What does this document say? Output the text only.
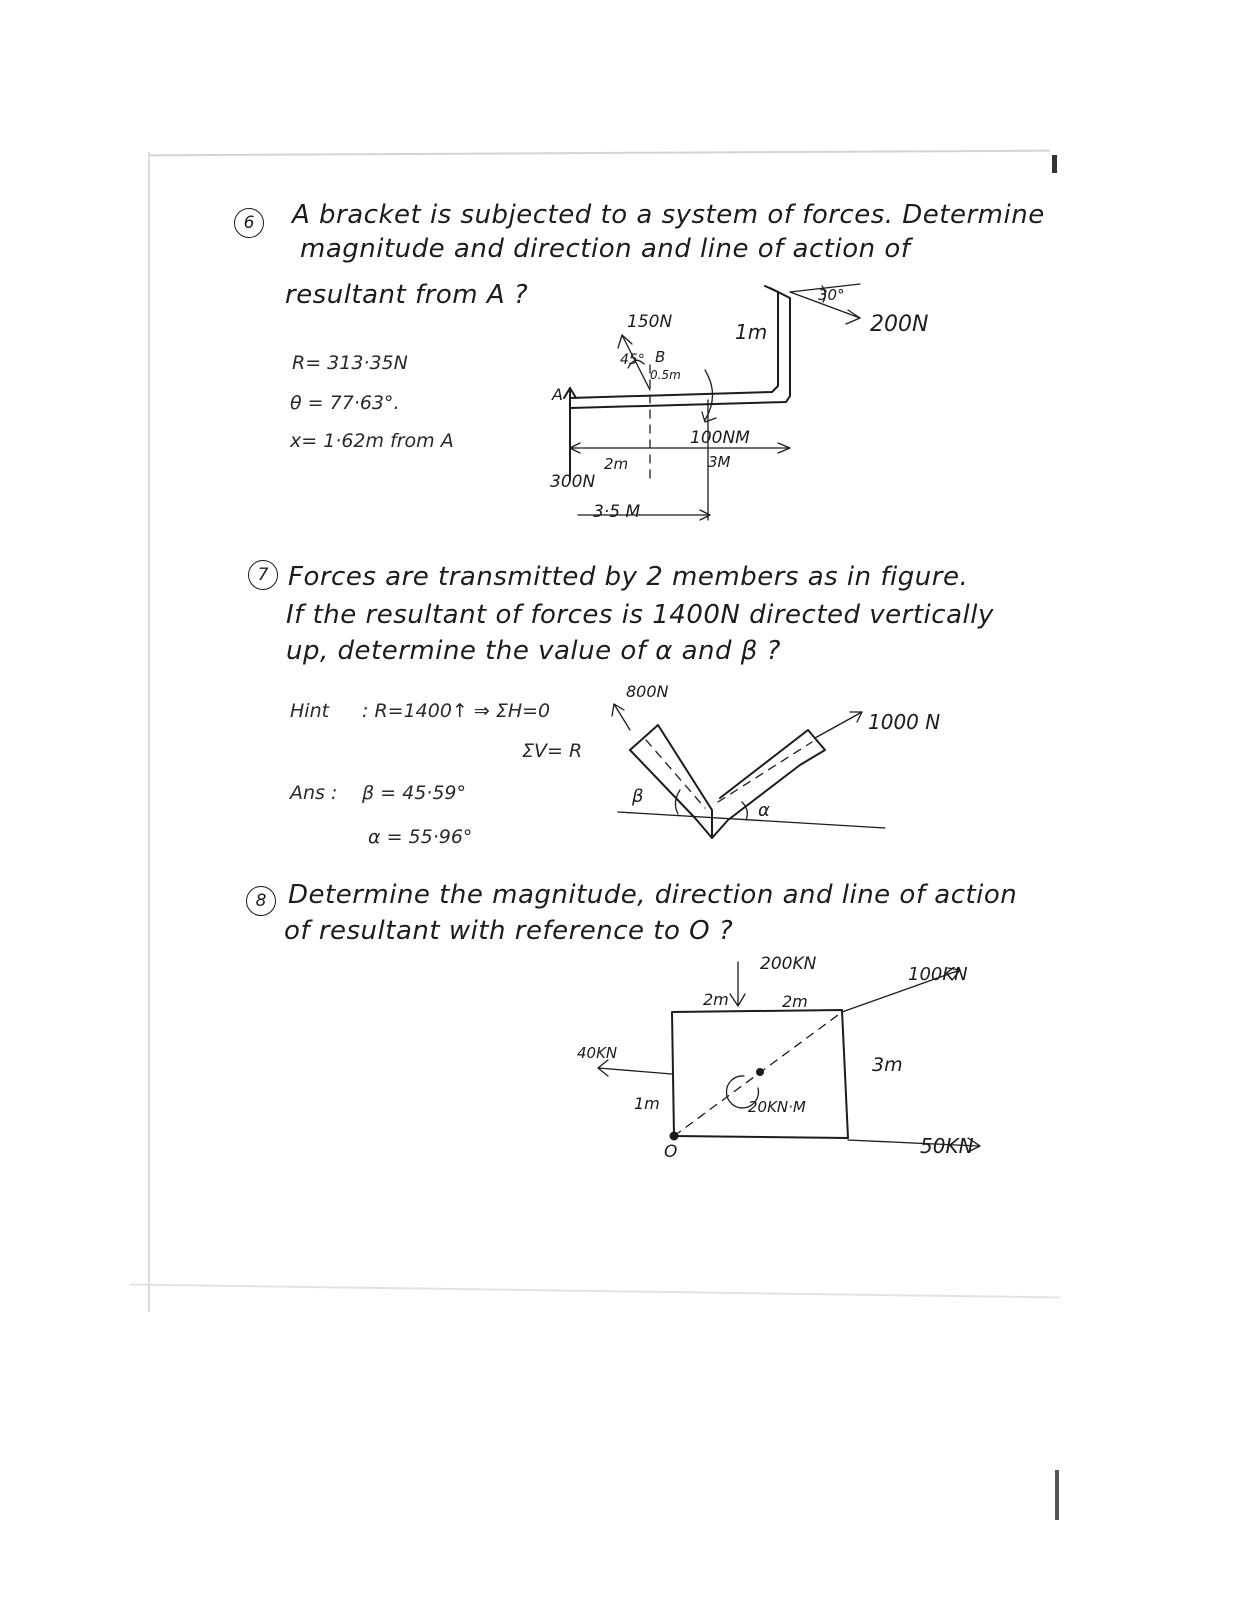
6	A bracket is subjected to a system of forces. Determine
magnitude and direction and line of action of
resultant from A ?
R= 313·35N
θ = 77·63°.
x= 1·62m from A
150N
45° B
0.5m
A
1m
30°
200N
100NM
2m	3M
300N
3·5 M
7 Forces are transmitted by 2 members as in figure.
If the resultant of forces is 1400N directed vertically
up, determine the value of α and β ?
Hint : R=1400↑ ⇒ ΣH=0
ΣV= R
Ans : β = 45·59°
α = 55·96°
800N
1000 N
β
α
8 Determine the magnitude, direction and line of action
of resultant with reference to O ?
200KN
2m	2m
100KN
40KN
3m
1m	20KN·M
O	50KN
